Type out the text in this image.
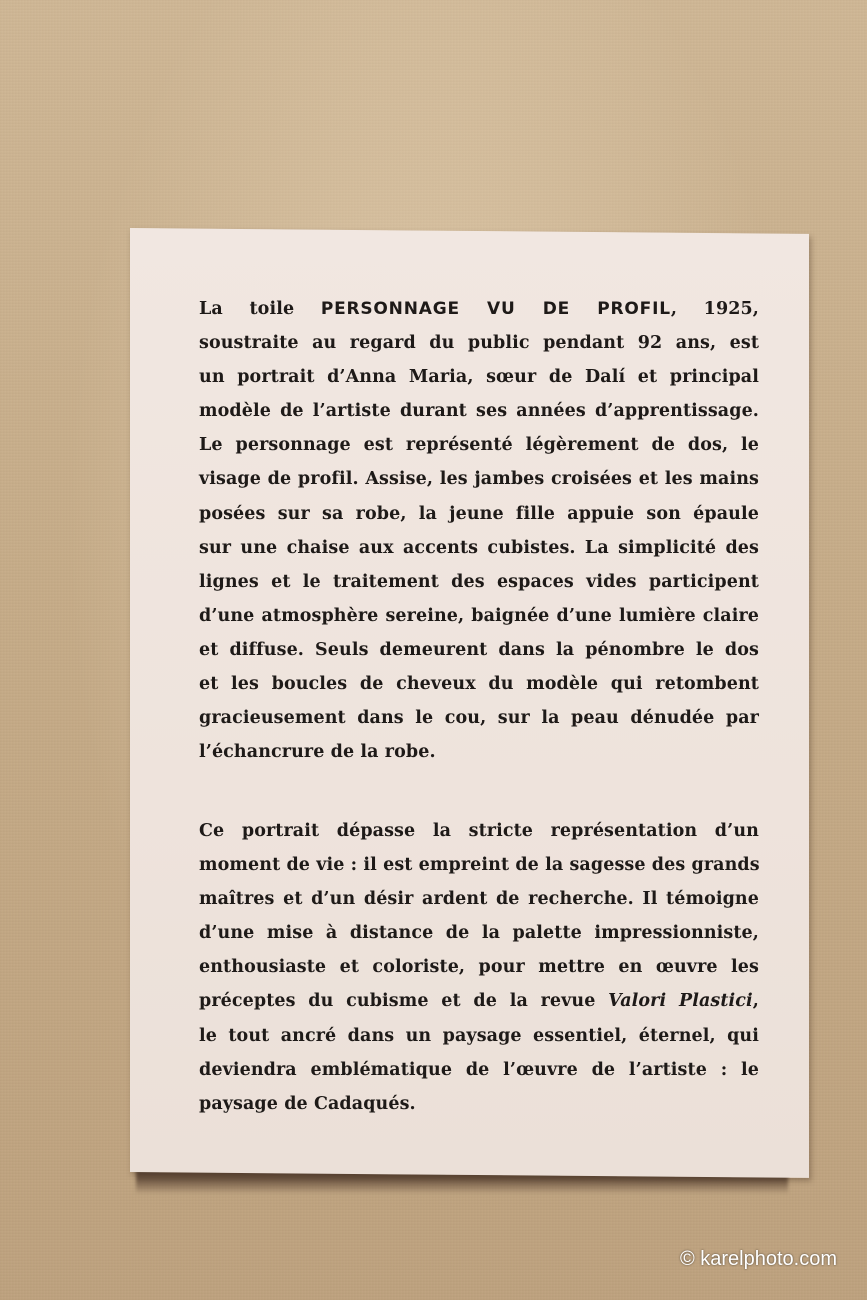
La toile PERSONNAGE VU DE PROFIL, 1925,
soustraite au regard du public pendant 92 ans, est
un portrait d’Anna Maria, sœur de Dalí et principal
modèle de l’artiste durant ses années d’apprentissage.
Le personnage est représenté légèrement de dos, le
visage de profil. Assise, les jambes croisées et les mains
posées sur sa robe, la jeune fille appuie son épaule
sur une chaise aux accents cubistes. La simplicité des
lignes et le traitement des espaces vides participent
d’une atmosphère sereine, baignée d’une lumière claire
et diffuse. Seuls demeurent dans la pénombre le dos
et les boucles de cheveux du modèle qui retombent
gracieusement dans le cou, sur la peau dénudée par
l’échancrure de la robe.
Ce portrait dépasse la stricte représentation d’un
moment de vie : il est empreint de la sagesse des grands
maîtres et d’un désir ardent de recherche. Il témoigne
d’une mise à distance de la palette impressionniste,
enthousiaste et coloriste, pour mettre en œuvre les
préceptes du cubisme et de la revue Valori Plastici,
le tout ancré dans un paysage essentiel, éternel, qui
deviendra emblématique de l’œuvre de l’artiste : le
paysage de Cadaqués.
© karelphoto.com
